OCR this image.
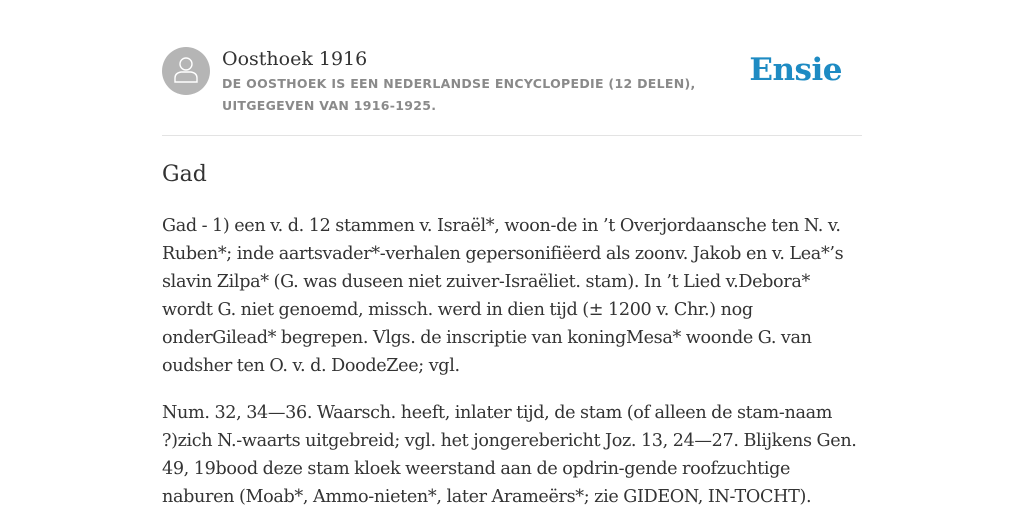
Oosthoek 1916
DE OOSTHOEK IS EEN NEDERLANDSE ENCYCLOPEDIE (12 DELEN), UITGEGEVEN VAN 1916-1925.
Ensie
Gad

Gad - 1) een v. d. 12 stammen v. Israël*, woon-de in ’t Overjordaansche ten N. v. Ruben*; inde aartsvader*-verhalen gepersonifiëerd als zoonv. Jakob en v. Lea*’s slavin Zilpa* (G. was duseen niet zuiver-Israëliet. stam). In ’t Lied v.Debora* wordt G. niet genoemd, missch. werd in dien tijd (± 1200 v. Chr.) nog onderGilead* begrepen. Vlgs. de inscriptie van koningMesa* woonde G. van oudsher ten O. v. d. DoodeZee; vgl.

Num. 32, 34—36. Waarsch. heeft, inlater tijd, de stam (of alleen de stam-naam ?)zich N.-waarts uitgebreid; vgl. het jongerebericht Joz. 13, 24—27. Blijkens Gen. 49, 19bood deze stam kloek weerstand aan de opdrin-gende roofzuchtige naburen (Moab*, Ammo-nieten*, later Arameërs*; zie GIDEON, IN-TOCHT).
